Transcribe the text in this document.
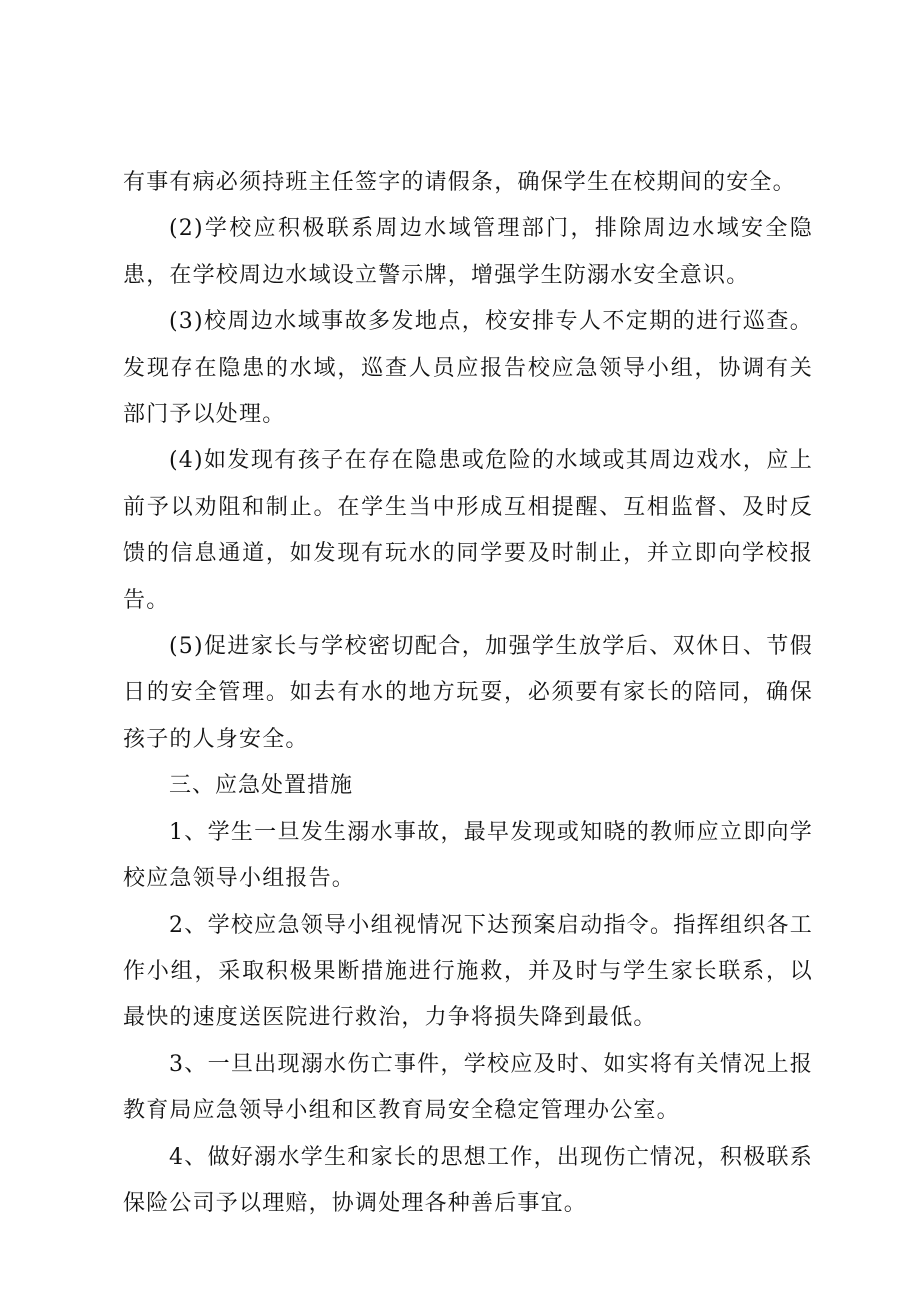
有事有病必须持班主任签字的请假条，确保学生在校期间的安全。

(2)学校应积极联系周边水域管理部门，排除周边水域安全隐患，在学校周边水域设立警示牌，增强学生防溺水安全意识。

(3)校周边水域事故多发地点，校安排专人不定期的进行巡查。发现存在隐患的水域，巡查人员应报告校应急领导小组，协调有关部门予以处理。

(4)如发现有孩子在存在隐患或危险的水域或其周边戏水，应上前予以劝阻和制止。在学生当中形成互相提醒、互相监督、及时反馈的信息通道，如发现有玩水的同学要及时制止，并立即向学校报告。

(5)促进家长与学校密切配合，加强学生放学后、双休日、节假日的安全管理。如去有水的地方玩耍，必须要有家长的陪同，确保孩子的人身安全。

三、应急处置措施

1、学生一旦发生溺水事故，最早发现或知晓的教师应立即向学校应急领导小组报告。

2、学校应急领导小组视情况下达预案启动指令。指挥组织各工作小组，采取积极果断措施进行施救，并及时与学生家长联系，以最快的速度送医院进行救治，力争将损失降到最低。

3、一旦出现溺水伤亡事件，学校应及时、如实将有关情况上报教育局应急领导小组和区教育局安全稳定管理办公室。

4、做好溺水学生和家长的思想工作，出现伤亡情况，积极联系保险公司予以理赔，协调处理各种善后事宜。
